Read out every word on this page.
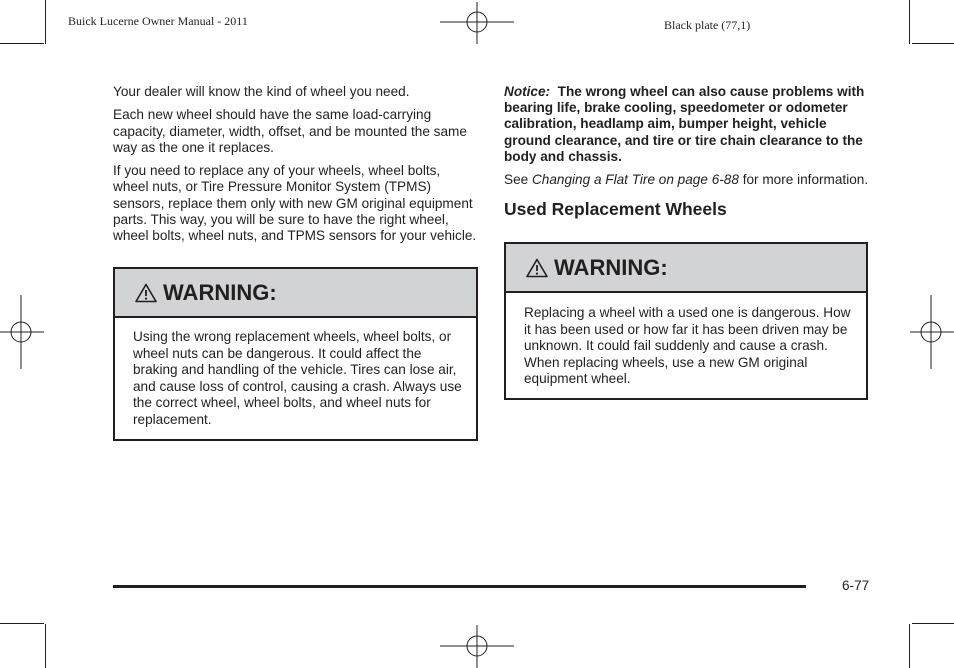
Buick Lucerne Owner Manual - 2011	Black plate (77,1)

Your dealer will know the kind of wheel you need.

Each new wheel should have the same load-carrying capacity, diameter, width, offset, and be mounted the same way as the one it replaces.

If you need to replace any of your wheels, wheel bolts, wheel nuts, or Tire Pressure Monitor System (TPMS) sensors, replace them only with new GM original equipment parts. This way, you will be sure to have the right wheel, wheel bolts, wheel nuts, and TPMS sensors for your vehicle.

WARNING:

Using the wrong replacement wheels, wheel bolts, or wheel nuts can be dangerous. It could affect the braking and handling of the vehicle. Tires can lose air, and cause loss of control, causing a crash. Always use the correct wheel, wheel bolts, and wheel nuts for replacement.

Notice: The wrong wheel can also cause problems with bearing life, brake cooling, speedometer or odometer calibration, headlamp aim, bumper height, vehicle ground clearance, and tire or tire chain clearance to the body and chassis.

See Changing a Flat Tire on page 6-88 for more information.

Used Replacement Wheels

WARNING:

Replacing a wheel with a used one is dangerous. How it has been used or how far it has been driven may be unknown. It could fail suddenly and cause a crash. When replacing wheels, use a new GM original equipment wheel.

6-77
